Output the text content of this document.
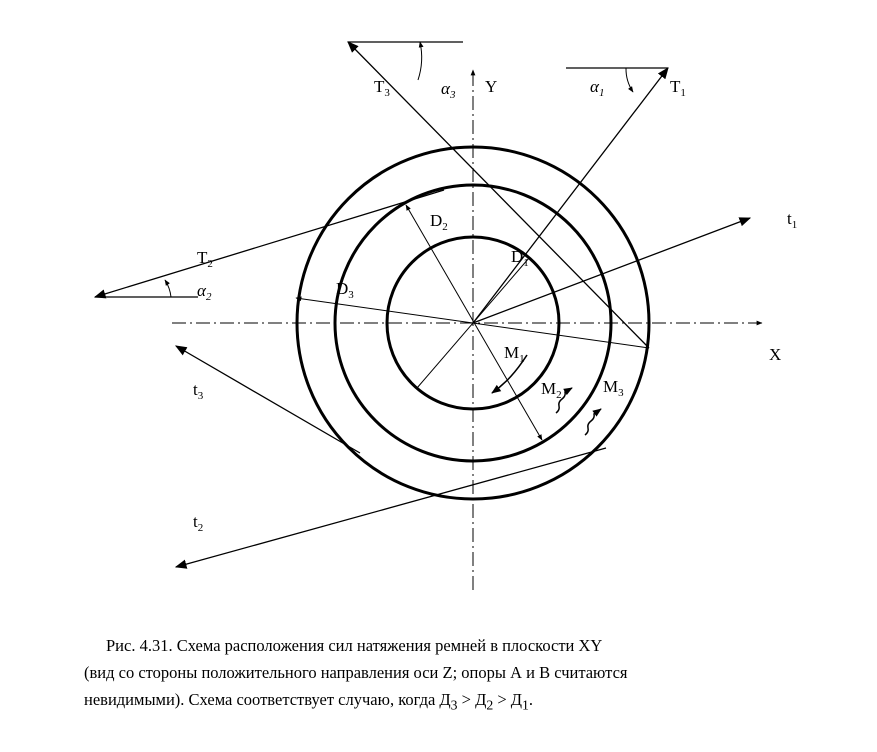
Y
X
$T_1$
$T_3$
$T_2$
$t_1$
$t_3$
$t_2$
$D_1$
$D_2$
$D_3$
$M_1$
$M_2$ $M_3$
$\alpha_1$
$\alpha_3$
$\alpha_2$

Рис. 4.31. Схема расположения сил натяжения ремней в плоскости XY

(вид со стороны положительного направления оси Z; опоры А и В считаются

невидимыми). Схема соответствует случаю, когда $Д_3 > Д_2 > Д_1$.
